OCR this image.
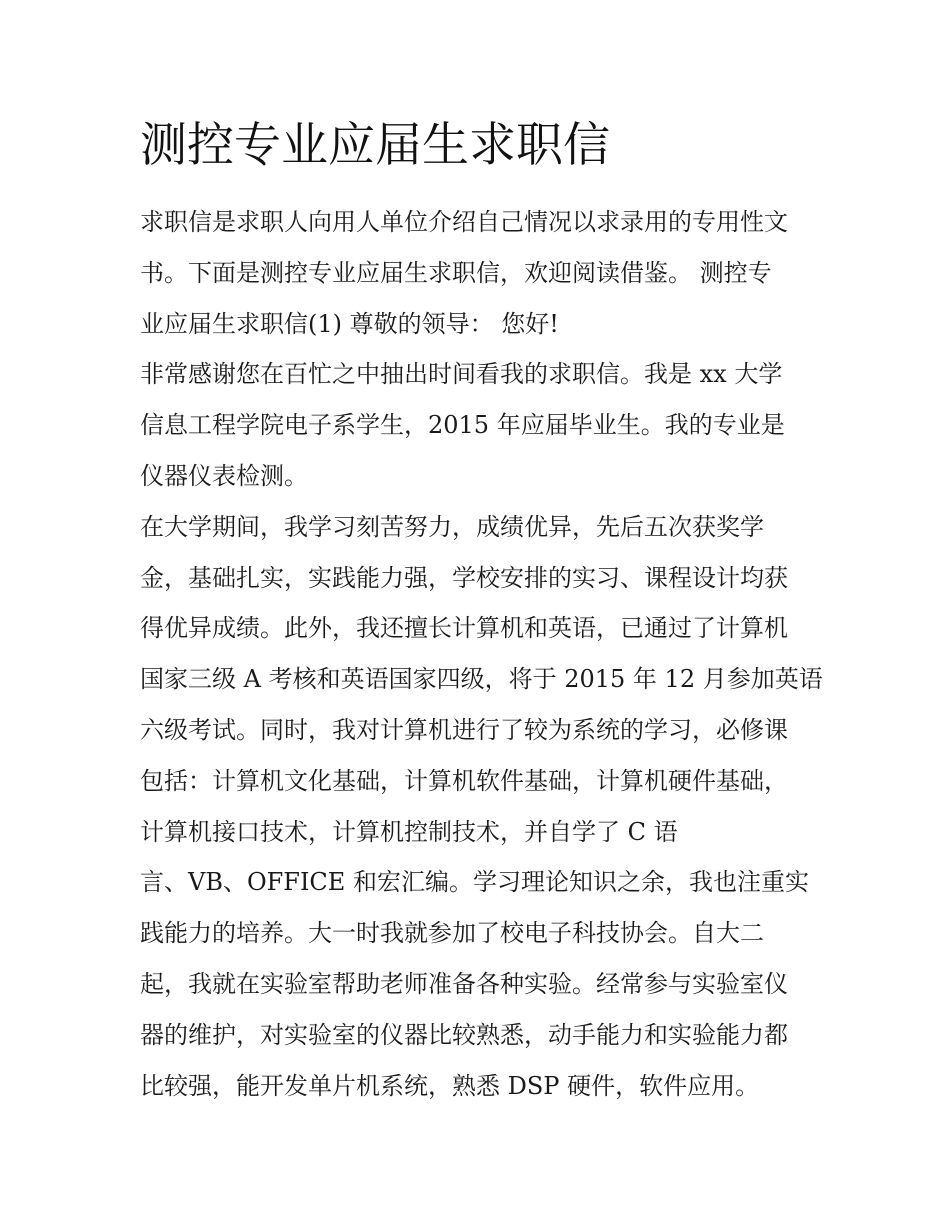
测控专业应届生求职信
求职信是求职人向用人单位介绍自己情况以求录用的专用性文
书。下面是测控专业应届生求职信，欢迎阅读借鉴。 测控专
业应届生求职信(1) 尊敬的领导： 您好!
非常感谢您在百忙之中抽出时间看我的求职信。我是 xx 大学
信息工程学院电子系学生，2015 年应届毕业生。我的专业是
仪器仪表检测。
在大学期间，我学习刻苦努力，成绩优异，先后五次获奖学
金，基础扎实，实践能力强，学校安排的实习、课程设计均获
得优异成绩。此外，我还擅长计算机和英语，已通过了计算机
国家三级 A 考核和英语国家四级，将于 2015 年 12 月参加英语
六级考试。同时，我对计算机进行了较为系统的学习，必修课
包括：计算机文化基础，计算机软件基础，计算机硬件基础，
计算机接口技术，计算机控制技术，并自学了 C 语
言、VB、OFFICE 和宏汇编。学习理论知识之余，我也注重实
践能力的培养。大一时我就参加了校电子科技协会。自大二
起，我就在实验室帮助老师准备各种实验。经常参与实验室仪
器的维护，对实验室的仪器比较熟悉，动手能力和实验能力都
比较强，能开发单片机系统，熟悉 DSP 硬件，软件应用。
